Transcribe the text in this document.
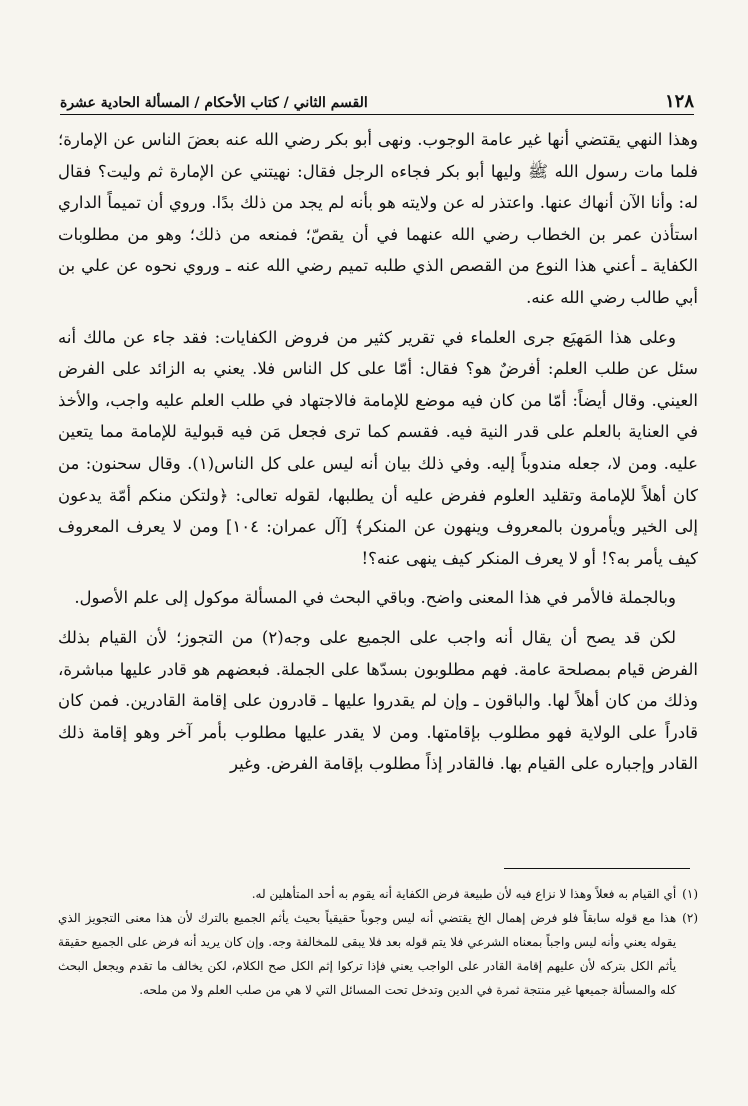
١٢٨
القسم الثاني / كتاب الأحكام / المسألة الحادية عشرة

وهذا النهي يقتضي أنها غير عامة الوجوب. ونهى أبو بكر رضي الله عنه بعضَ الناس عن الإمارة؛ فلما مات رسول الله ﷺ وليها أبو بكر فجاءه الرجل فقال: نهيتني عن الإمارة ثم وليت؟ فقال له: وأنا الآن أنهاك عنها. واعتذر له عن ولايته هو بأنه لم يجد من ذلك بدًا. وروي أن تميماً الداري استأذن عمر بن الخطاب رضي الله عنهما في أن يقصّ؛ فمنعه من ذلك؛ وهو من مطلوبات الكفاية ـ أعني هذا النوع من القصص الذي طلبه تميم رضي الله عنه ـ وروي نحوه عن علي بن أبي طالب رضي الله عنه.

وعلى هذا المَهيَع جرى العلماء في تقرير كثير من فروض الكفايات: فقد جاء عن مالك أنه سئل عن طلب العلم: أفرضٌ هو؟ فقال: أمّا على كل الناس فلا. يعني به الزائد على الفرض العيني. وقال أيضاً: أمّا من كان فيه موضع للإمامة فالاجتهاد في طلب العلم عليه واجب، والأخذ في العناية بالعلم على قدر النية فيه. فقسم كما ترى فجعل مَن فيه قبولية للإمامة مما يتعين عليه. ومن لا، جعله مندوباً إليه. وفي ذلك بيان أنه ليس على كل الناس(١). وقال سحنون: من كان أهلاً للإمامة وتقليد العلوم ففرض عليه أن يطلبها، لقوله تعالى: ﴿ولتكن منكم أمّة يدعون إلى الخير ويأمرون بالمعروف وينهون عن المنكر﴾ [آل عمران: ١٠٤] ومن لا يعرف المعروف كيف يأمر به؟! أو لا يعرف المنكر كيف ينهى عنه؟!

وبالجملة فالأمر في هذا المعنى واضح. وباقي البحث في المسألة موكول إلى علم الأصول.

لكن قد يصح أن يقال أنه واجب على الجميع على وجه(٢) من التجوز؛ لأن القيام بذلك الفرض قيام بمصلحة عامة. فهم مطلوبون بسدّها على الجملة. فبعضهم هو قادر عليها مباشرة، وذلك من كان أهلاً لها. والباقون ـ وإن لم يقدروا عليها ـ قادرون على إقامة القادرين. فمن كان قادراً على الولاية فهو مطلوب بإقامتها. ومن لا يقدر عليها مطلوب بأمر آخر وهو إقامة ذلك القادر وإجباره على القيام بها. فالقادر إذاً مطلوب بإقامة الفرض. وغير

(١)
أي القيام به فعلاً وهذا لا نزاع فيه لأن طبيعة فرض الكفاية أنه يقوم به أحد المتأهلين له.
(٢)
هذا مع قوله سابقاً فلو فرض إهمال الخ يقتضي أنه ليس وجوباً حقيقياً بحيث يأثم الجميع بالترك لأن هذا معنى التجويز الذي يقوله يعني وأنه ليس واجباً بمعناه الشرعي فلا يتم قوله بعد فلا يبقى للمخالفة وجه. وإن كان يريد أنه فرض على الجميع حقيقة يأثم الكل بتركه لأن عليهم إقامة القادر على الواجب يعني فإذا تركوا إثم الكل صح الكلام، لكن يخالف ما تقدم ويجعل البحث كله والمسألة جميعها غير منتجة ثمرة في الدين وتدخل تحت المسائل التي لا هي من صلب العلم ولا من ملحه.
